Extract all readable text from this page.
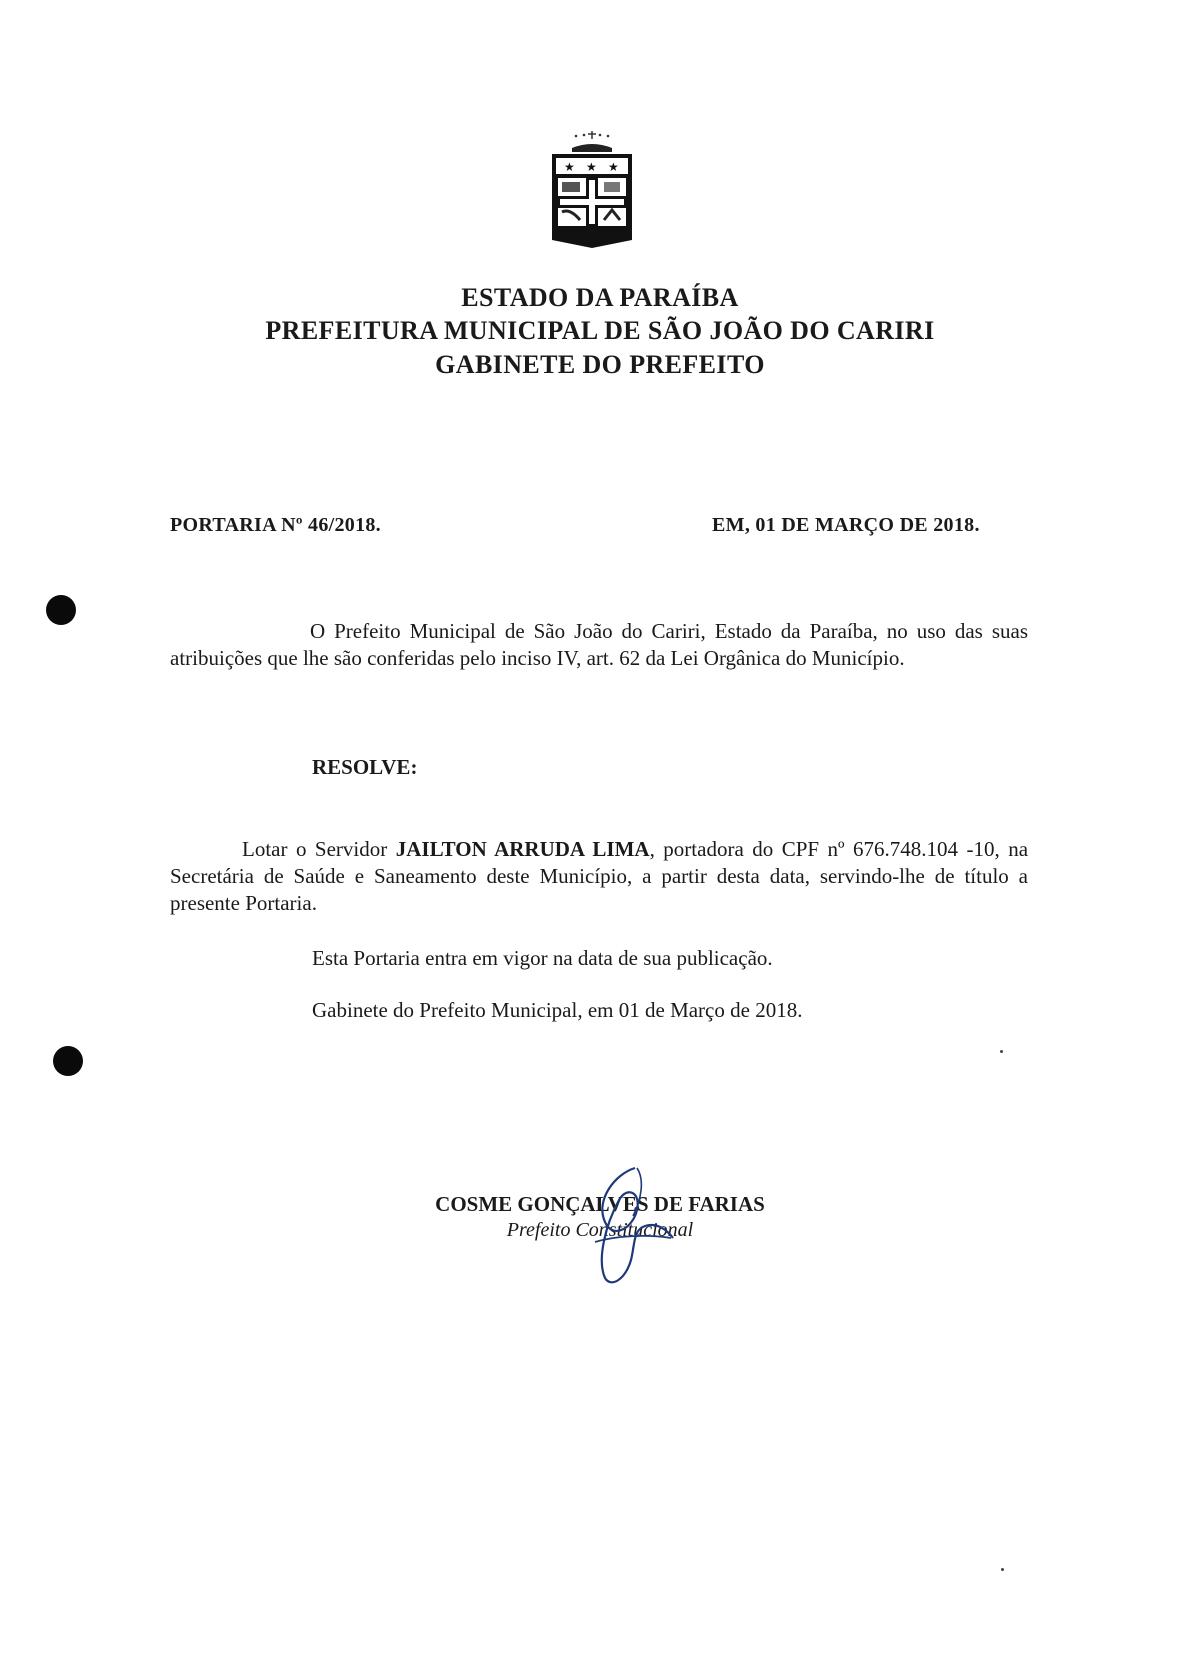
★ ★ ★
ESTADO DA PARAÍBA
PREFEITURA MUNICIPAL DE SÃO JOÃO DO CARIRI
GABINETE DO PREFEITO
PORTARIA Nº 46/2018.	EM, 01 DE MARÇO DE 2018.
O Prefeito Municipal de São João do Cariri, Estado da Paraíba, no uso das suas atribuições que lhe são conferidas pelo inciso IV, art. 62 da Lei Orgânica do Município.
RESOLVE:
Lotar o Servidor JAILTON ARRUDA LIMA, portadora do CPF nº 676.748.104 -10, na Secretária de Saúde e Saneamento deste Município, a partir desta data, servindo-lhe de título a presente Portaria.
Esta Portaria entra em vigor na data de sua publicação.
Gabinete do Prefeito Municipal, em 01 de Março de 2018.
COSME GONÇALVES DE FARIAS
Prefeito Constitucional
